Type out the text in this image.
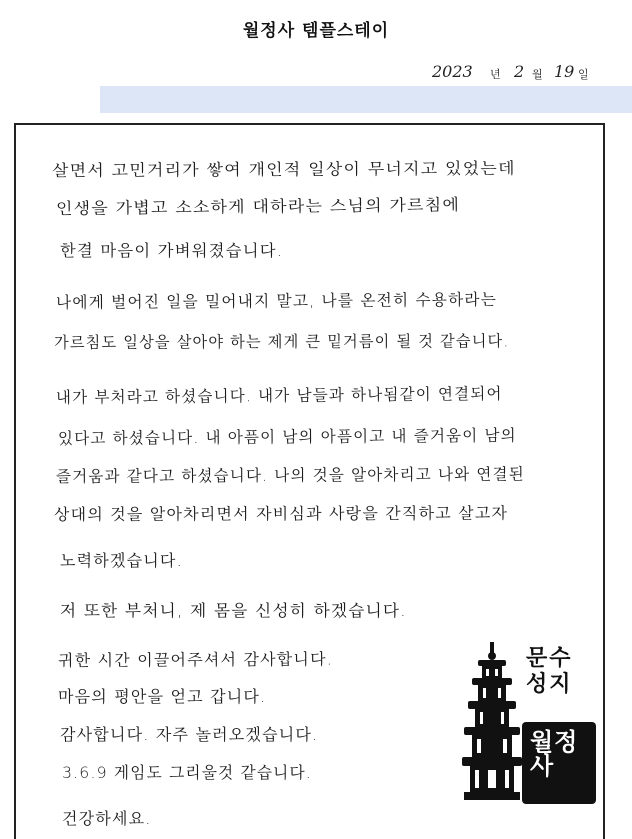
월정사 템플스테이
2023 년 2 월 19 일
살면서 고민거리가 쌓여 개인적 일상이 무너지고 있었는데
인생을 가볍고 소소하게 대하라는 스님의 가르침에
한결 마음이 가벼워졌습니다.
나에게 벌어진 일을 밀어내지 말고, 나를 온전히 수용하라는
가르침도 일상을 살아야 하는 제게 큰 밑거름이 될 것 같습니다.
내가 부처라고 하셨습니다. 내가 남들과 하나됨같이 연결되어
있다고 하셨습니다. 내 아픔이 남의 아픔이고 내 즐거움이 남의
즐거움과 같다고 하셨습니다. 나의 것을 알아차리고 나와 연결된
상대의 것을 알아차리면서 자비심과 사랑을 간직하고 살고자
노력하겠습니다.
저 또한 부처니, 제 몸을 신성히 하겠습니다.
귀한 시간 이끌어주셔서 감사합니다.
마음의 평안을 얻고 갑니다.
감사합니다. 자주 놀러오겠습니다.
3.6.9 게임도 그리울것 같습니다.
건강하세요.
문수성지
월정사
